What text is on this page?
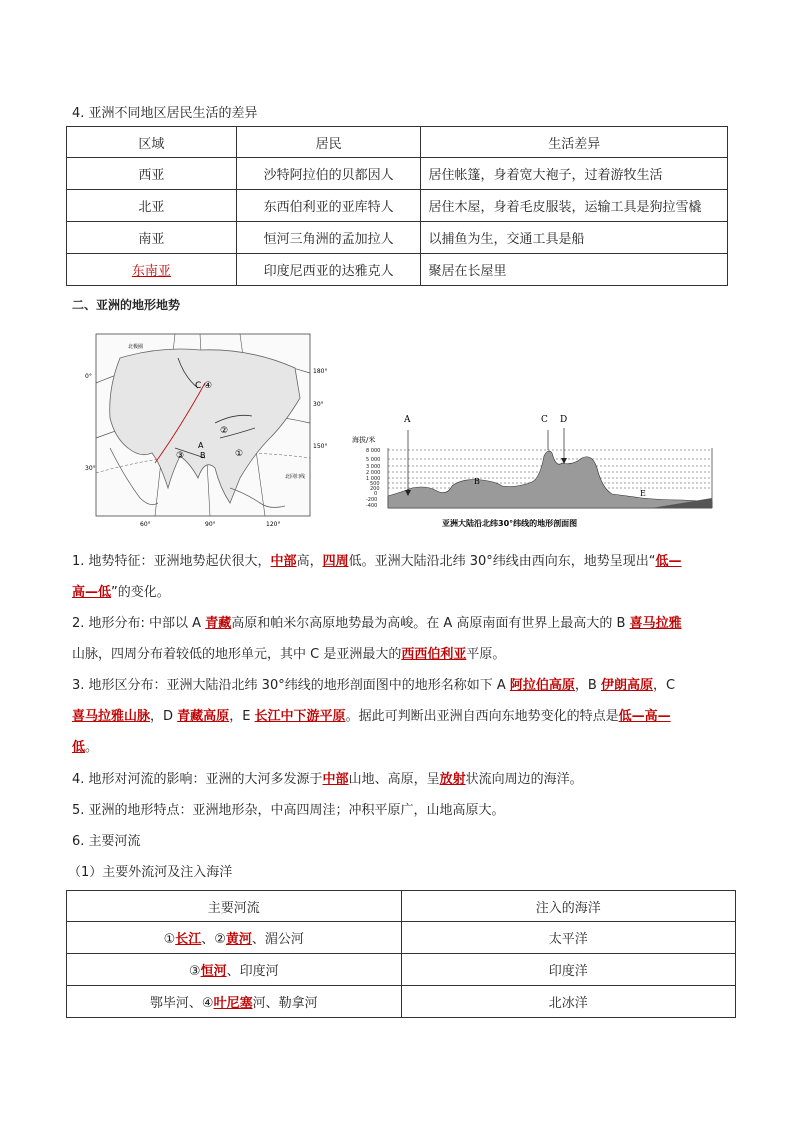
4. 亚洲不同地区居民生活的差异
区域	居民	生活差异
西亚	沙特阿拉伯的贝都因人	居住帐篷，身着宽大袍子，过着游牧生活
北亚	东西伯利亚的亚库特人	居住木屋，身着毛皮服装，运输工具是狗拉雪橇
南亚	恒河三角洲的孟加拉人	以捕鱼为生，交通工具是船
东南亚	印度尼西亚的达雅克人	聚居在长屋里
二、亚洲的地形地势
0°
30°
180°
30°
150°
60°	90°	120°
C ④
②
A
B
③	①
北极圈
北回归线
海拔/米
8 000
5 000
3 000
2 000
1 000
500
200
0
-200
-400
A
B
C D
E
亚洲大陆沿北纬30°纬线的地形剖面图
1. 地势特征：亚洲地势起伏很大，中部高，四周低。亚洲大陆沿北纬 30°纬线由西向东，地势呈现出“低—
高—低”的变化。
2. 地形分布: 中部以 A 青藏高原和帕米尔高原地势最为高峻。在 A 高原南面有世界上最高大的 B 喜马拉雅
山脉，四周分布着较低的地形单元，其中 C 是亚洲最大的西西伯利亚平原。
3. 地形区分布：亚洲大陆沿北纬 30°纬线的地形剖面图中的地形名称如下 A 阿拉伯高原，B 伊朗高原，C
喜马拉雅山脉，D 青藏高原，E 长江中下游平原。据此可判断出亚洲自西向东地势变化的特点是低—高—
低。
4. 地形对河流的影响：亚洲的大河多发源于中部山地、高原，呈放射状流向周边的海洋。
5. 亚洲的地形特点：亚洲地形杂，中高四周洼；冲积平原广，山地高原大。
6. 主要河流
（1）主要外流河及注入海洋
主要河流	注入的海洋
①长江、②黄河、湄公河	太平洋
③恒河、印度河	印度洋
鄂毕河、④叶尼塞河、勒拿河	北冰洋
